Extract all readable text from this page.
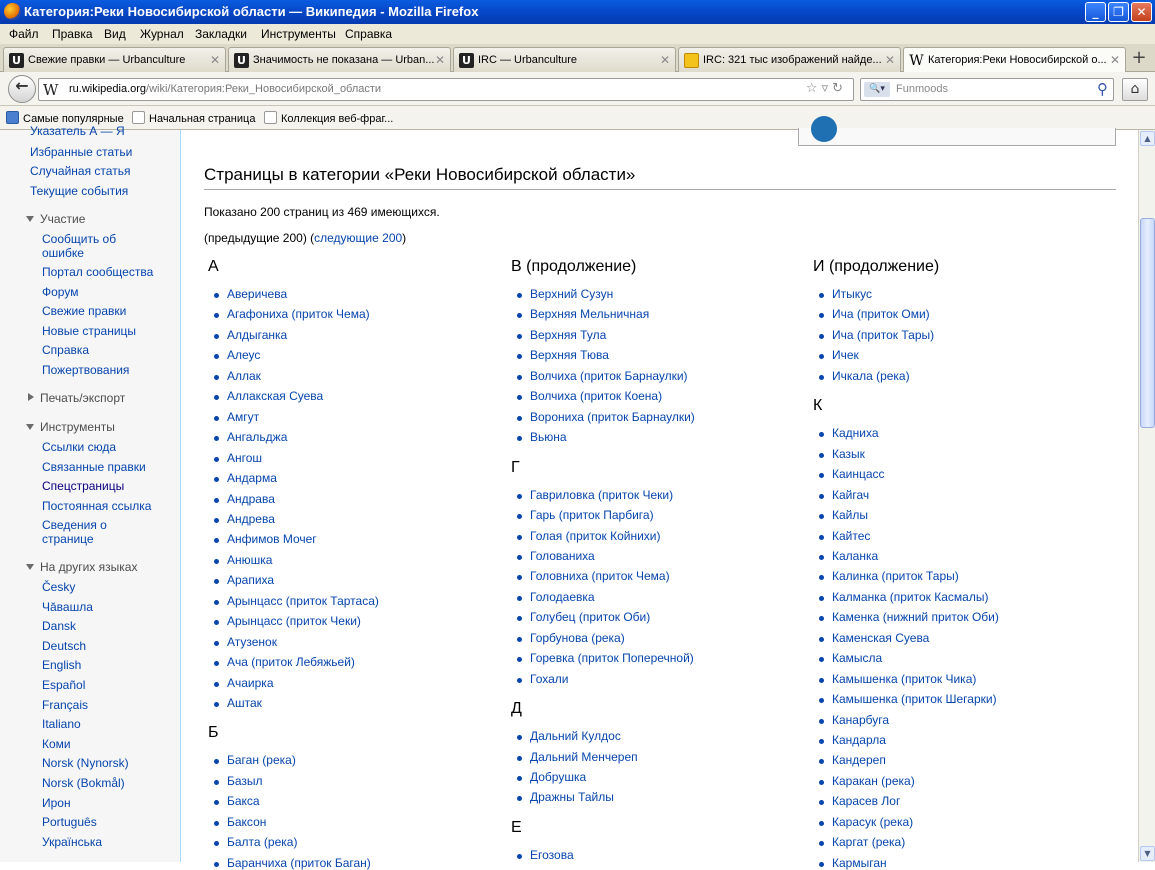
Категория:Реки Новосибирской области — Википедия - Mozilla Firefox	_	❐	✕
Файл Правка Вид Журнал Закладки Инструменты Справка
U Свежие правки — Urbanculture	✕ U Значимость не показана — Urban... ✕ U IRC — Urbanculture	✕	IRC: 321 тыс изображений найде... ✕ W Категория:Реки Новосибирской о... ✕ +
← W ru.wikipedia.org/wiki/Категория:Реки_Новосибирской_области	☆▿↻	🔍▾	Funmoods	⚲	⌂
Самые популярные	Начальная страница	Коллекция веб-фраг...
Указатель А — Я
Избранные статьи
Случайная статья
Текущие события
Участие
Сообщить об
ошибке
Портал сообщества
Форум
Свежие правки
Новые страницы
Справка
Пожертвования
Печать/экспорт
Инструменты
Ссылки сюда
Связанные правки
Спецстраницы
Постоянная ссылка
Сведения о
странице
На других языках
Česky
Чăвашла
Dansk
Deutsch
English
Español
Français
Italiano
Коми
Norsk (Nynorsk)
Norsk (Bokmål)
Ирон
Português
Українська
Страницы в категории «Реки Новосибирской области»
Показано 200 страниц из 469 имеющихся.
(предыдущие 200) (следующие 200)
А
Аверичева
Агафониха (приток Чема)
Алдыганка
Алеус
Аллак
Аллакская Суева
Амгут
Ангальджа
Ангош
Андарма
Андрава
Андрева
Анфимов Мочег
Анюшка
Арапиха
Арынцасс (приток Тартаса)
Арынцасс (приток Чеки)
Атузенок
Ача (приток Лебяжьей)
Ачаирка
Аштак
Б
Баган (река)
Базыл
Бакса
Баксон
Балта (река)
Баранчиха (приток Баган)
В (продолжение)
Верхний Сузун
Верхняя Мельничная
Верхняя Тула
Верхняя Тюва
Волчиха (приток Барнаулки)
Волчиха (приток Коена)
Ворониха (приток Барнаулки)
Вьюна
Г
Гавриловка (приток Чеки)
Гарь (приток Парбига)
Голая (приток Койнихи)
Голованиха
Головниха (приток Чема)
Голодаевка
Голубец (приток Оби)
Горбунова (река)
Горевка (приток Поперечной)
Гохали
Д
Дальний Кулдос
Дальний Менчереп
Добрушка
Дражны Тайлы
Е
Егозова
И (продолжение)
Итыкус
Ича (приток Оми)
Ича (приток Тары)
Ичек
Ичкала (река)
К
Кадниха
Казык
Каинцасс
Кайгач
Кайлы
Кайтес
Каланка
Калинка (приток Тары)
Калманка (приток Касмалы)
Каменка (нижний приток Оби)
Каменская Суева
Камысла
Камышенка (приток Чика)
Камышенка (приток Шегарки)
Канарбуга
Кандарла
Кандереп
Каракан (река)
Карасев Лог
Карасук (река)
Каргат (река)
Кармыган
▲
▼
